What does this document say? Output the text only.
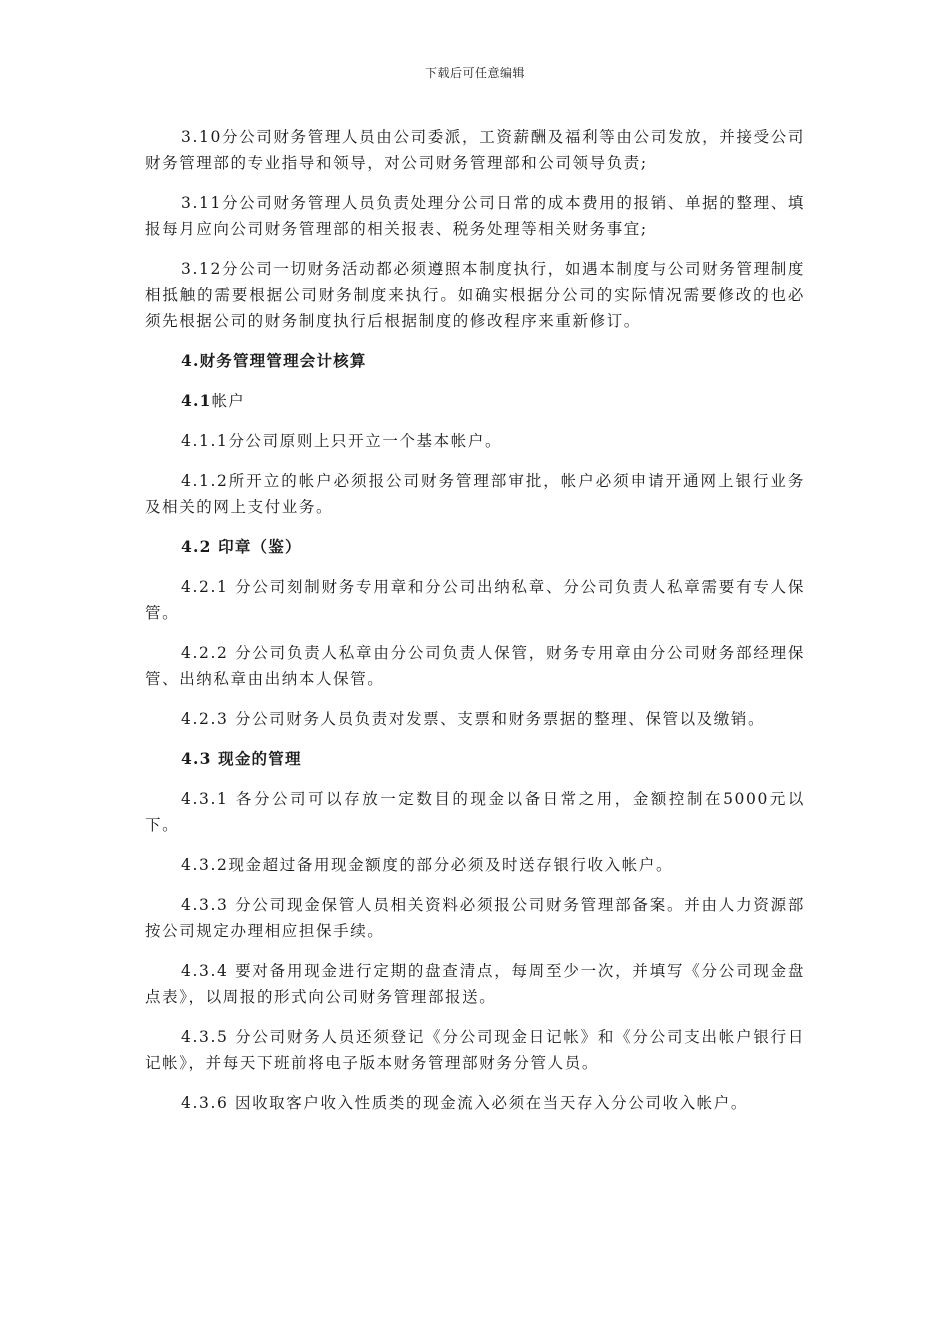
下载后可任意编辑

3.10分公司财务管理人员由公司委派，工资薪酬及福利等由公司发放，并接受公司财务管理部的专业指导和领导，对公司财务管理部和公司领导负责;

3.11分公司财务管理人员负责处理分公司日常的成本费用的报销、单据的整理、填报每月应向公司财务管理部的相关报表、税务处理等相关财务事宜;

3.12分公司一切财务活动都必须遵照本制度执行，如遇本制度与公司财务管理制度相抵触的需要根据公司财务制度来执行。如确实根据分公司的实际情况需要修改的也必须先根据公司的财务制度执行后根据制度的修改程序来重新修订。

4.财务管理管理会计核算

4.1帐户

4.1.1分公司原则上只开立一个基本帐户。

4.1.2所开立的帐户必须报公司财务管理部审批，帐户必须申请开通网上银行业务及相关的网上支付业务。

4.2 印章（鉴）

4.2.1 分公司刻制财务专用章和分公司出纳私章、分公司负责人私章需要有专人保管。

4.2.2 分公司负责人私章由分公司负责人保管，财务专用章由分公司财务部经理保管、出纳私章由出纳本人保管。

4.2.3 分公司财务人员负责对发票、支票和财务票据的整理、保管以及缴销。

4.3 现金的管理

4.3.1 各分公司可以存放一定数目的现金以备日常之用，金额控制在5000元以下。

4.3.2现金超过备用现金额度的部分必须及时送存银行收入帐户。

4.3.3 分公司现金保管人员相关资料必须报公司财务管理部备案。并由人力资源部按公司规定办理相应担保手续。

4.3.4 要对备用现金进行定期的盘查清点，每周至少一次，并填写《分公司现金盘点表》，以周报的形式向公司财务管理部报送。

4.3.5 分公司财务人员还须登记《分公司现金日记帐》和《分公司支出帐户银行日记帐》，并每天下班前将电子版本财务管理部财务分管人员。

4.3.6 因收取客户收入性质类的现金流入必须在当天存入分公司收入帐户。
